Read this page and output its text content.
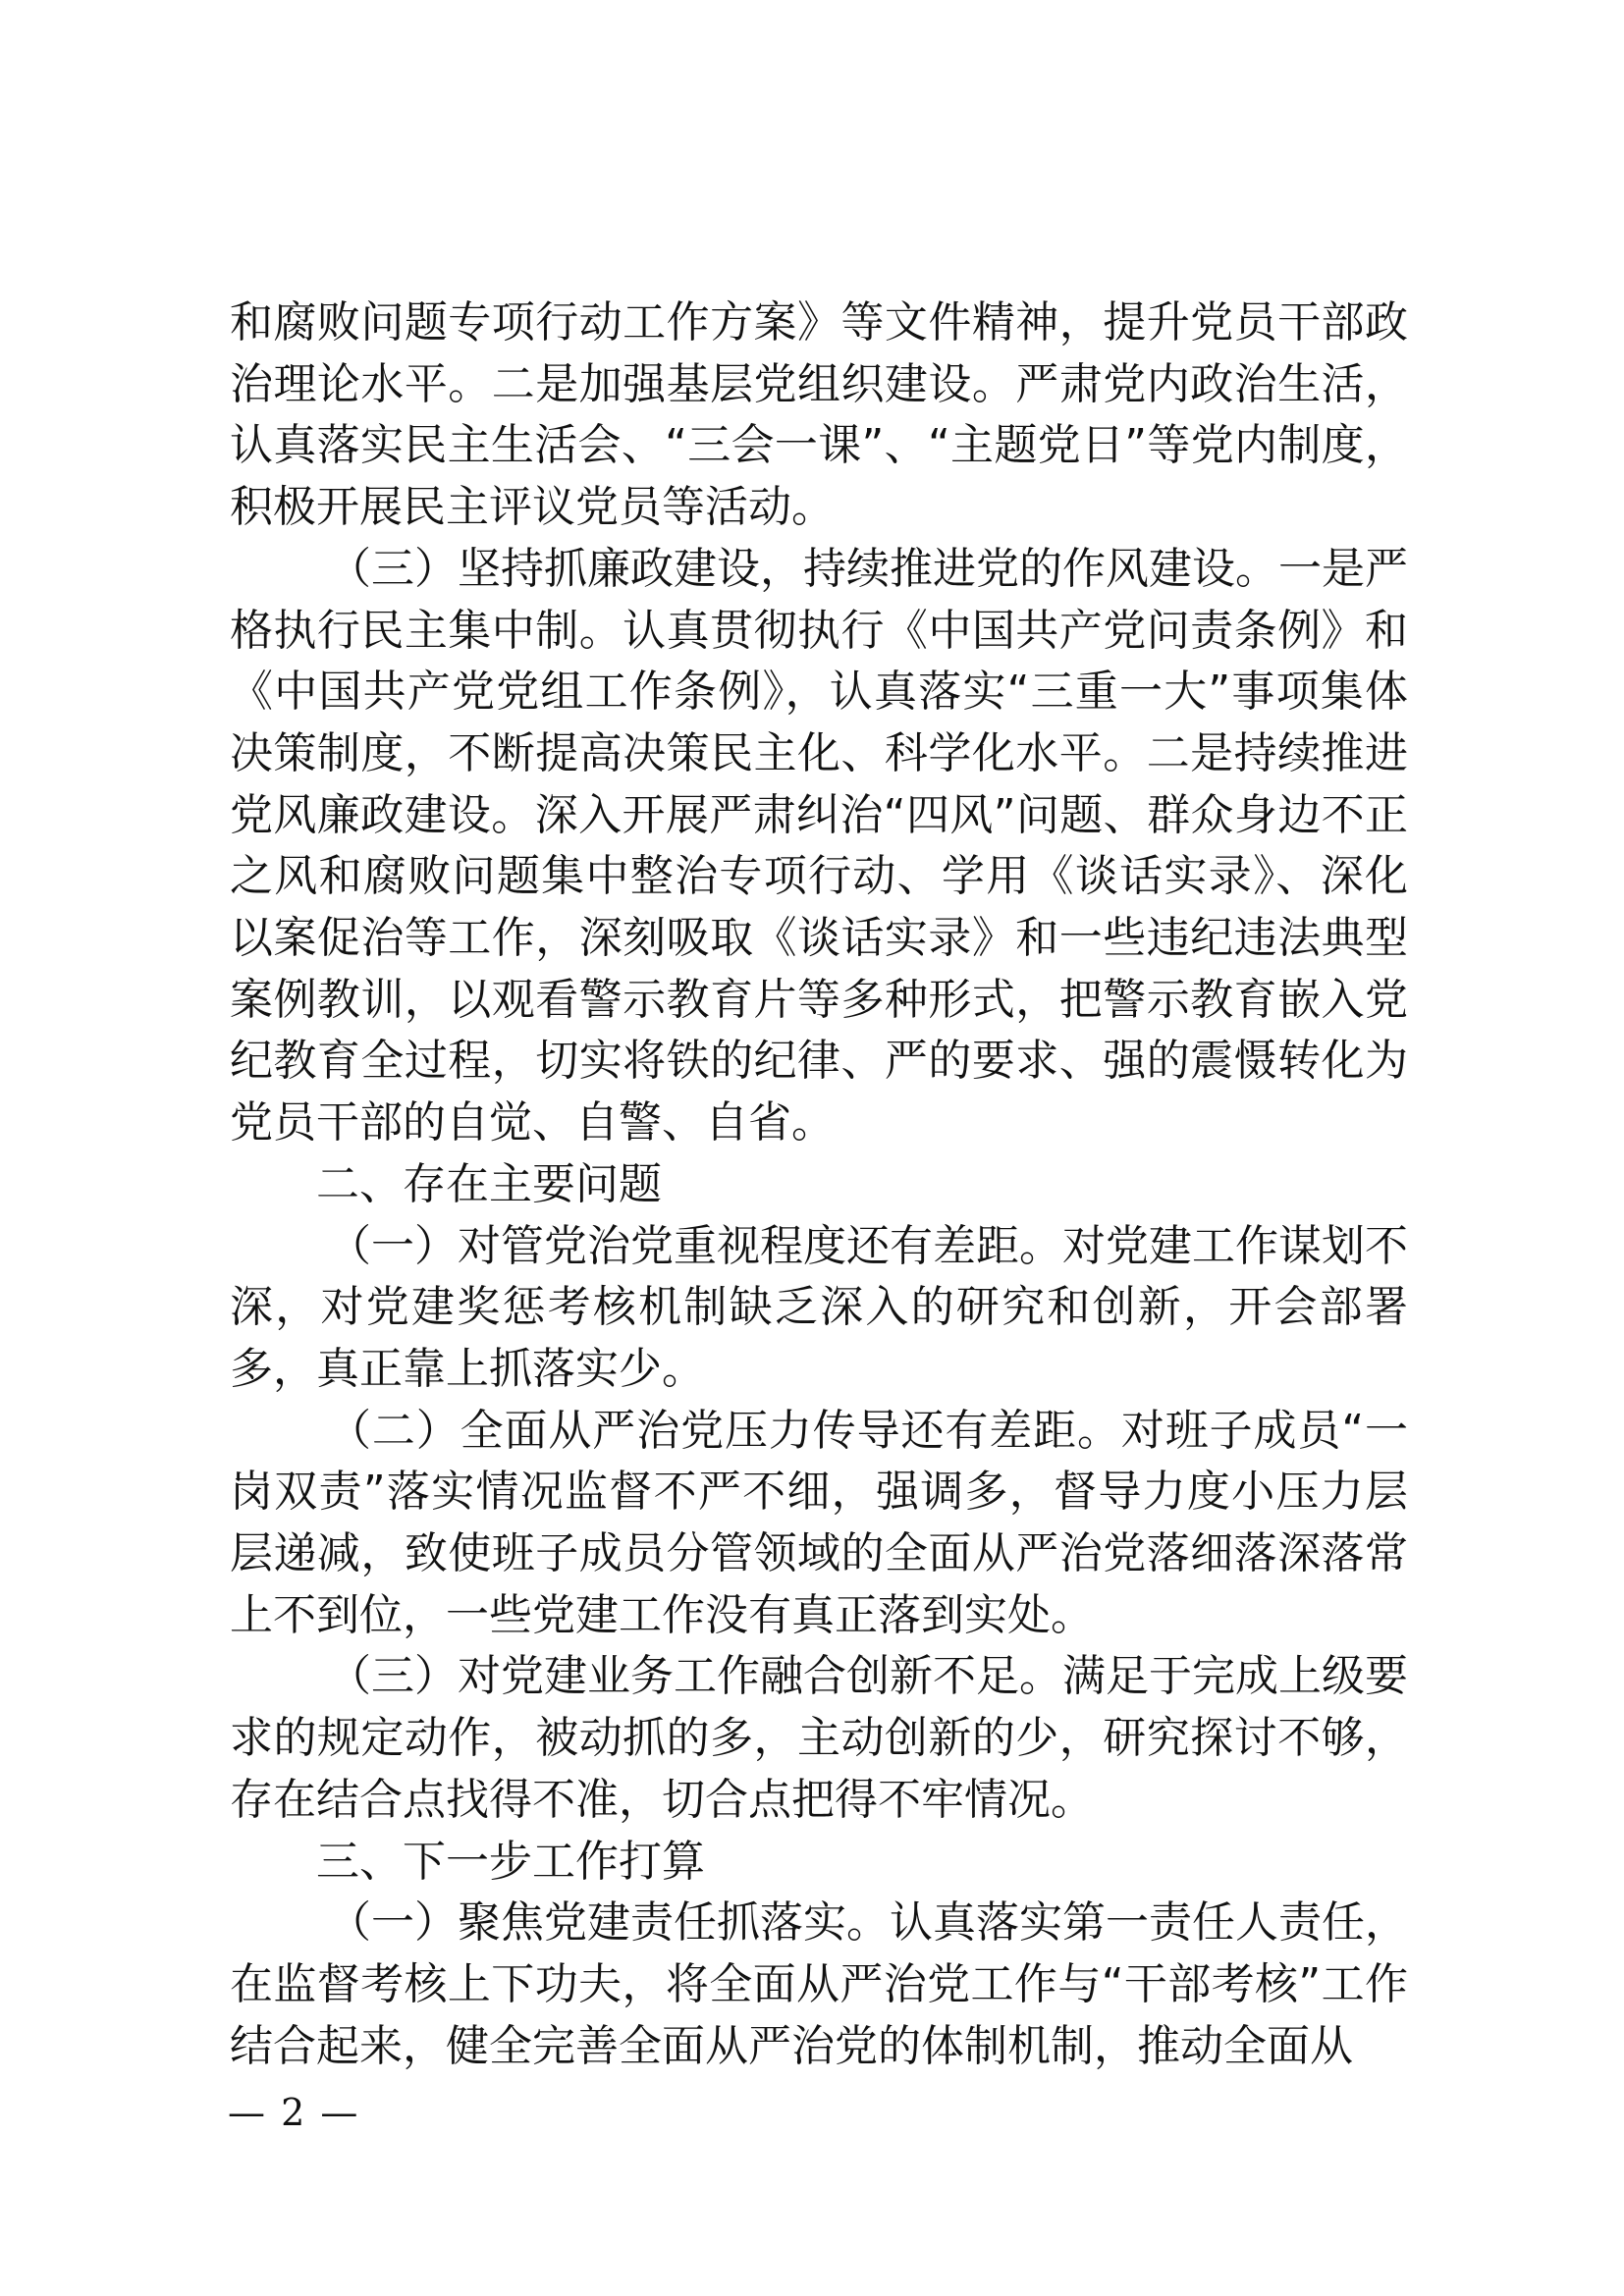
和腐败问题专项行动工作方案》等文件精神，提升党员干部政治理论水平。二是加强基层党组织建设。严肃党内政治生活，认真落实民主生活会、“三会一课”、“主题党日”等党内制度，积极开展民主评议党员等活动。

（三）坚持抓廉政建设，持续推进党的作风建设。一是严格执行民主集中制。认真贯彻执行《中国共产党问责条例》和《中国共产党党组工作条例》，认真落实“三重一大”事项集体决策制度，不断提高决策民主化、科学化水平。二是持续推进党风廉政建设。深入开展严肃纠治“四风”问题、群众身边不正之风和腐败问题集中整治专项行动、学用《谈话实录》、深化以案促治等工作，深刻吸取《谈话实录》和一些违纪违法典型案例教训，以观看警示教育片等多种形式，把警示教育嵌入党纪教育全过程，切实将铁的纪律、严的要求、强的震慑转化为党员干部的自觉、自警、自省。

二、存在主要问题

（一）对管党治党重视程度还有差距。对党建工作谋划不深，对党建奖惩考核机制缺乏深入的研究和创新，开会部署多，真正靠上抓落实少。

（二）全面从严治党压力传导还有差距。对班子成员“一岗双责”落实情况监督不严不细，强调多，督导力度小压力层层递减，致使班子成员分管领域的全面从严治党落细落深落常上不到位，一些党建工作没有真正落到实处。

（三）对党建业务工作融合创新不足。满足于完成上级要求的规定动作，被动抓的多，主动创新的少，研究探讨不够，存在结合点找得不准，切合点把得不牢情况。

三、下一步工作打算

（一）聚焦党建责任抓落实。认真落实第一责任人责任，在监督考核上下功夫，将全面从严治党工作与“干部考核”工作结合起来，健全完善全面从严治党的体制机制，推动全面从

— 2 —
